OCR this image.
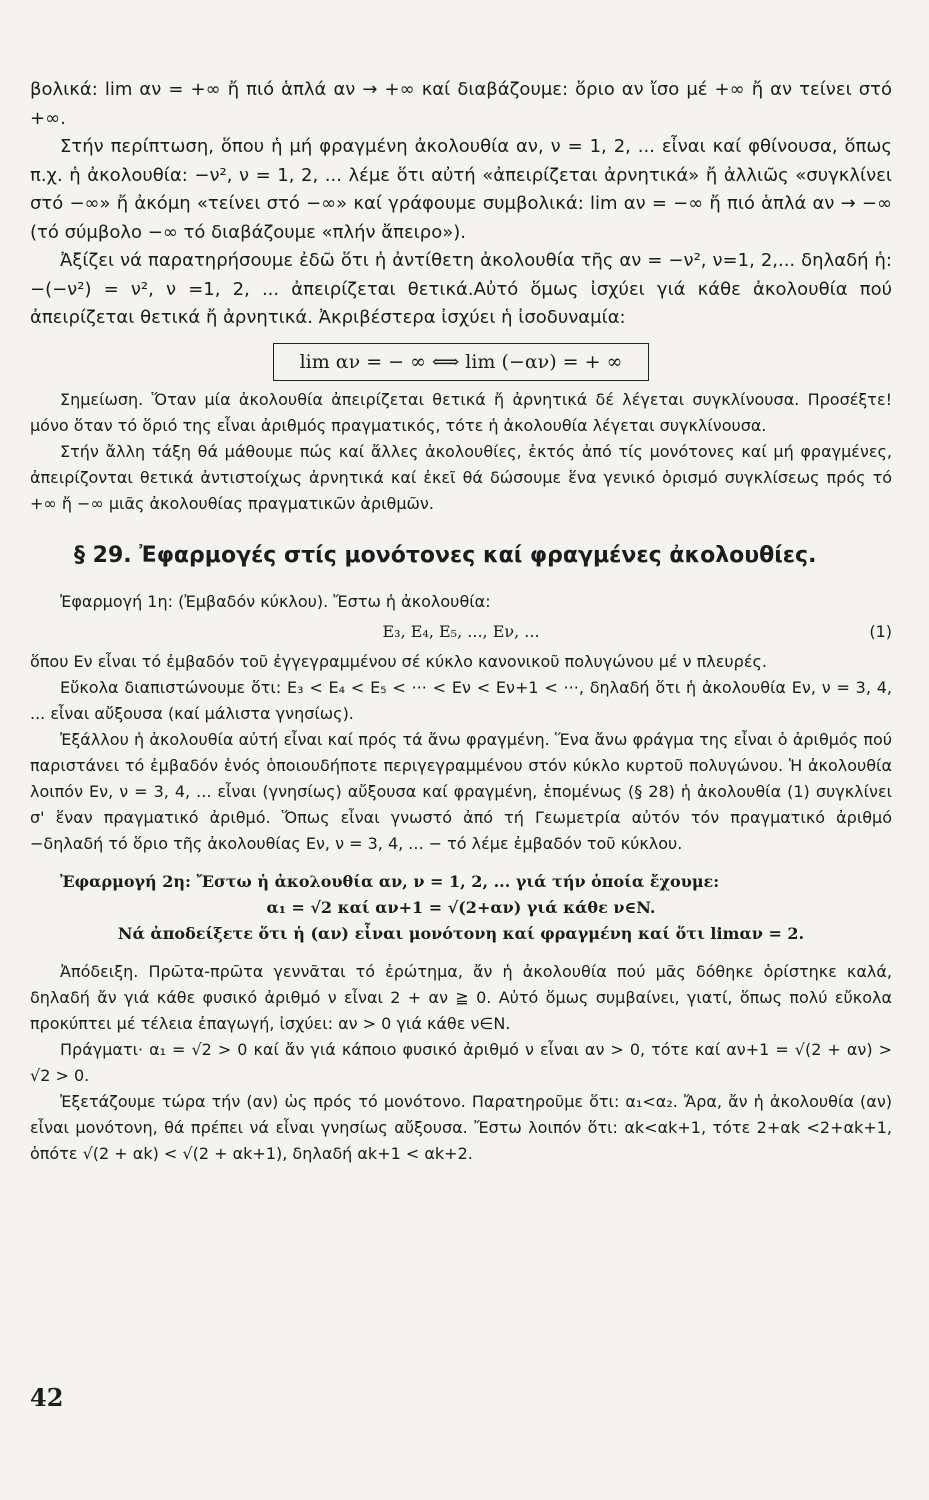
βολικά: lim αν = +∞ ἤ πιό ἁπλά αν → +∞ καί διαβάζουμε: ὅριο αν ἴσο μέ +∞ ἤ αν τείνει στό +∞.

Στήν περίπτωση, ὅπου ἡ μή φραγμένη ἀκολουθία αν, ν = 1, 2, ... εἶναι καί φθίνουσα, ὅπως π.χ. ἡ ἀκολουθία: −ν², ν = 1, 2, ... λέμε ὅτι αὐτή «ἀπειρίζεται ἀρνητικά» ἤ ἀλλιῶς «συγκλίνει στό −∞» ἤ ἀκόμη «τείνει στό −∞» καί γράφουμε συμβολικά: lim αν = −∞ ἤ πιό ἁπλά αν → −∞ (τό σύμβολο −∞ τό διαβάζουμε «πλήν ἄπειρο»).

Ἀξίζει νά παρατηρήσουμε ἐδῶ ὅτι ἡ ἀντίθετη ἀκολουθία τῆς αν = −ν², ν=1, 2,... δηλαδή ἡ: −(−ν²) = ν², ν =1, 2, ... ἀπειρίζεται θετικά.Αὐτό ὅμως ἰσχύει γιά κάθε ἀκολουθία πού ἀπειρίζεται θετικά ἤ ἀρνητικά. Ἀκριβέστερα ἰσχύει ἡ ἰσοδυναμία:

lim αν = − ∞ ⟺ lim (−αν) = + ∞

Σημείωση. Ὅταν μία ἀκολουθία ἀπειρίζεται θετικά ἤ ἀρνητικά δέ λέγεται συγκλίνουσα. Προσέξτε! μόνο ὅταν τό ὅριό της εἶναι ἀριθμός πραγματικός, τότε ἡ ἀκολουθία λέγεται συγκλίνουσα.

Στήν ἄλλη τάξη θά μάθουμε πώς καί ἄλλες ἀκολουθίες, ἐκτός ἀπό τίς μονότονες καί μή φραγμένες, ἀπειρίζονται θετικά ἀντιστοίχως ἀρνητικά καί ἐκεῖ θά δώσουμε ἕνα γενικό ὁρισμό συγκλίσεως πρός τό +∞ ἤ −∞ μιᾶς ἀκολουθίας πραγματικῶν ἀριθμῶν.

§ 29. Ἐφαρμογές στίς μονότονες καί φραγμένες ἀκολουθίες.

Ἐφαρμογή 1η: (Ἐμβαδόν κύκλου). Ἔστω ἡ ἀκολουθία:

E₃, E₄, E₅, ..., Eν, ...	(1)

ὅπου Eν εἶναι τό ἐμβαδόν τοῦ ἐγγεγραμμένου σέ κύκλο κανονικοῦ πολυγώνου μέ ν πλευρές.

Εὔκολα διαπιστώνουμε ὅτι: E₃ < E₄ < E₅ < ··· < Eν < Eν+1 < ···, δηλαδή ὅτι ἡ ἀκολουθία Eν, ν = 3, 4, ... εἶναι αὔξουσα (καί μάλιστα γνησίως).

Ἐξάλλου ἡ ἀκολουθία αὐτή εἶναι καί πρός τά ἄνω φραγμένη. Ἕνα ἄνω φράγμα της εἶναι ὁ ἀριθμός πού παριστάνει τό ἐμβαδόν ἑνός ὁποιουδήποτε περιγεγραμμένου στόν κύκλο κυρτοῦ πολυγώνου. Ἡ ἀκολουθία λοιπόν Eν, ν = 3, 4, ... εἶναι (γνησίως) αὔξουσα καί φραγμένη, ἑπομένως (§ 28) ἡ ἀκολουθία (1) συγκλίνει σ' ἕναν πραγματικό ἀριθμό. Ὅπως εἶναι γνωστό ἀπό τή Γεωμετρία αὐτόν τόν πραγματικό ἀριθμό −δηλαδή τό ὅριο τῆς ἀκολουθίας Eν, ν = 3, 4, ... − τό λέμε ἐμβαδόν τοῦ κύκλου.

Ἐφαρμογή 2η: Ἔστω ἡ ἀκολουθία αν, ν = 1, 2, ... γιά τήν ὁποία ἔχουμε:

α₁ = √2 καί αν+1 = √(2+αν) γιά κάθε ν∈N.
Νά ἀποδείξετε ὅτι ἡ (αν) εἶναι μονότονη καί φραγμένη καί ὅτι limαν = 2.

Ἀπόδειξη. Πρῶτα-πρῶτα γεννᾶται τό ἐρώτημα, ἄν ἡ ἀκολουθία πού μᾶς δόθηκε ὁρίστηκε καλά, δηλαδή ἄν γιά κάθε φυσικό ἀριθμό ν εἶναι 2 + αν ≧ 0. Αὐτό ὅμως συμβαίνει, γιατί, ὅπως πολύ εὔκολα προκύπτει μέ τέλεια ἐπαγωγή, ἰσχύει: αν > 0 γιά κάθε ν∈N.

Πράγματι· α₁ = √2 > 0 καί ἄν γιά κάποιο φυσικό ἀριθμό ν εἶναι αν > 0, τότε καί αν+1 = √(2 + αν) > √2 > 0.

Ἐξετάζουμε τώρα τήν (αν) ὡς πρός τό μονότονο. Παρατηροῦμε ὅτι: α₁<α₂. Ἄρα, ἄν ἡ ἀκολουθία (αν) εἶναι μονότονη, θά πρέπει νά εἶναι γνησίως αὔξουσα. Ἔστω λοιπόν ὅτι: αk<αk+1, τότε 2+αk <2+αk+1, ὁπότε √(2 + αk) < √(2 + αk+1), δηλαδή αk+1 < αk+2.

42
